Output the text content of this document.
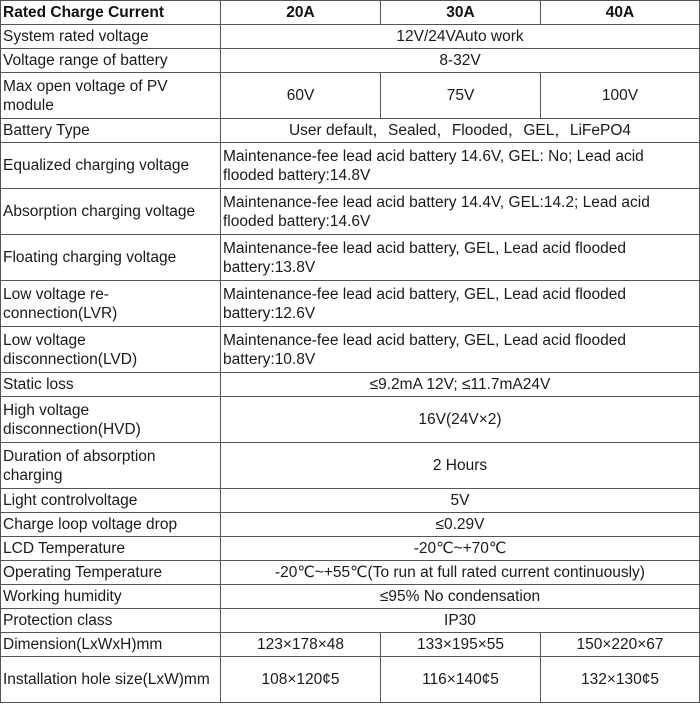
Rated Charge Current	20A	30A	40A
System rated voltage	12V/24VAuto work		
Voltage range of battery	8-32V		
Max open voltage of PV module	60V	75V	100V
Battery Type	User default，Sealed，Flooded，GEL，LiFePO4		
Equalized charging voltage	Maintenance-fee lead acid battery 14.6V, GEL: No; Lead acid flooded battery:14.8V		
Absorption charging voltage	Maintenance-fee lead acid battery 14.4V, GEL:14.2; Lead acid flooded battery:14.6V		
Floating charging voltage	Maintenance-fee lead acid battery, GEL, Lead acid flooded battery:13.8V		
Low voltage re-connection(LVR)	Maintenance-fee lead acid battery, GEL, Lead acid flooded battery:12.6V		
Low voltage disconnection(LVD)	Maintenance-fee lead acid battery, GEL, Lead acid flooded battery:10.8V		
Static loss	≤9.2mA 12V; ≤11.7mA24V		
High voltage disconnection(HVD)	16V(24V×2)		
Duration of absorption charging	2 Hours		
Light controlvoltage	5V		
Charge loop voltage drop	≤0.29V		
LCD Temperature	-20℃~+70℃		
Operating Temperature	-20℃~+55℃(To run at full rated current continuously)		
Working humidity	≤95% No condensation		
Protection class	IP30		
Dimension(LxWxH)mm	123×178×48	133×195×55	150×220×67
Installation hole size(LxW)mm	108×120¢5	116×140¢5	132×130¢5
